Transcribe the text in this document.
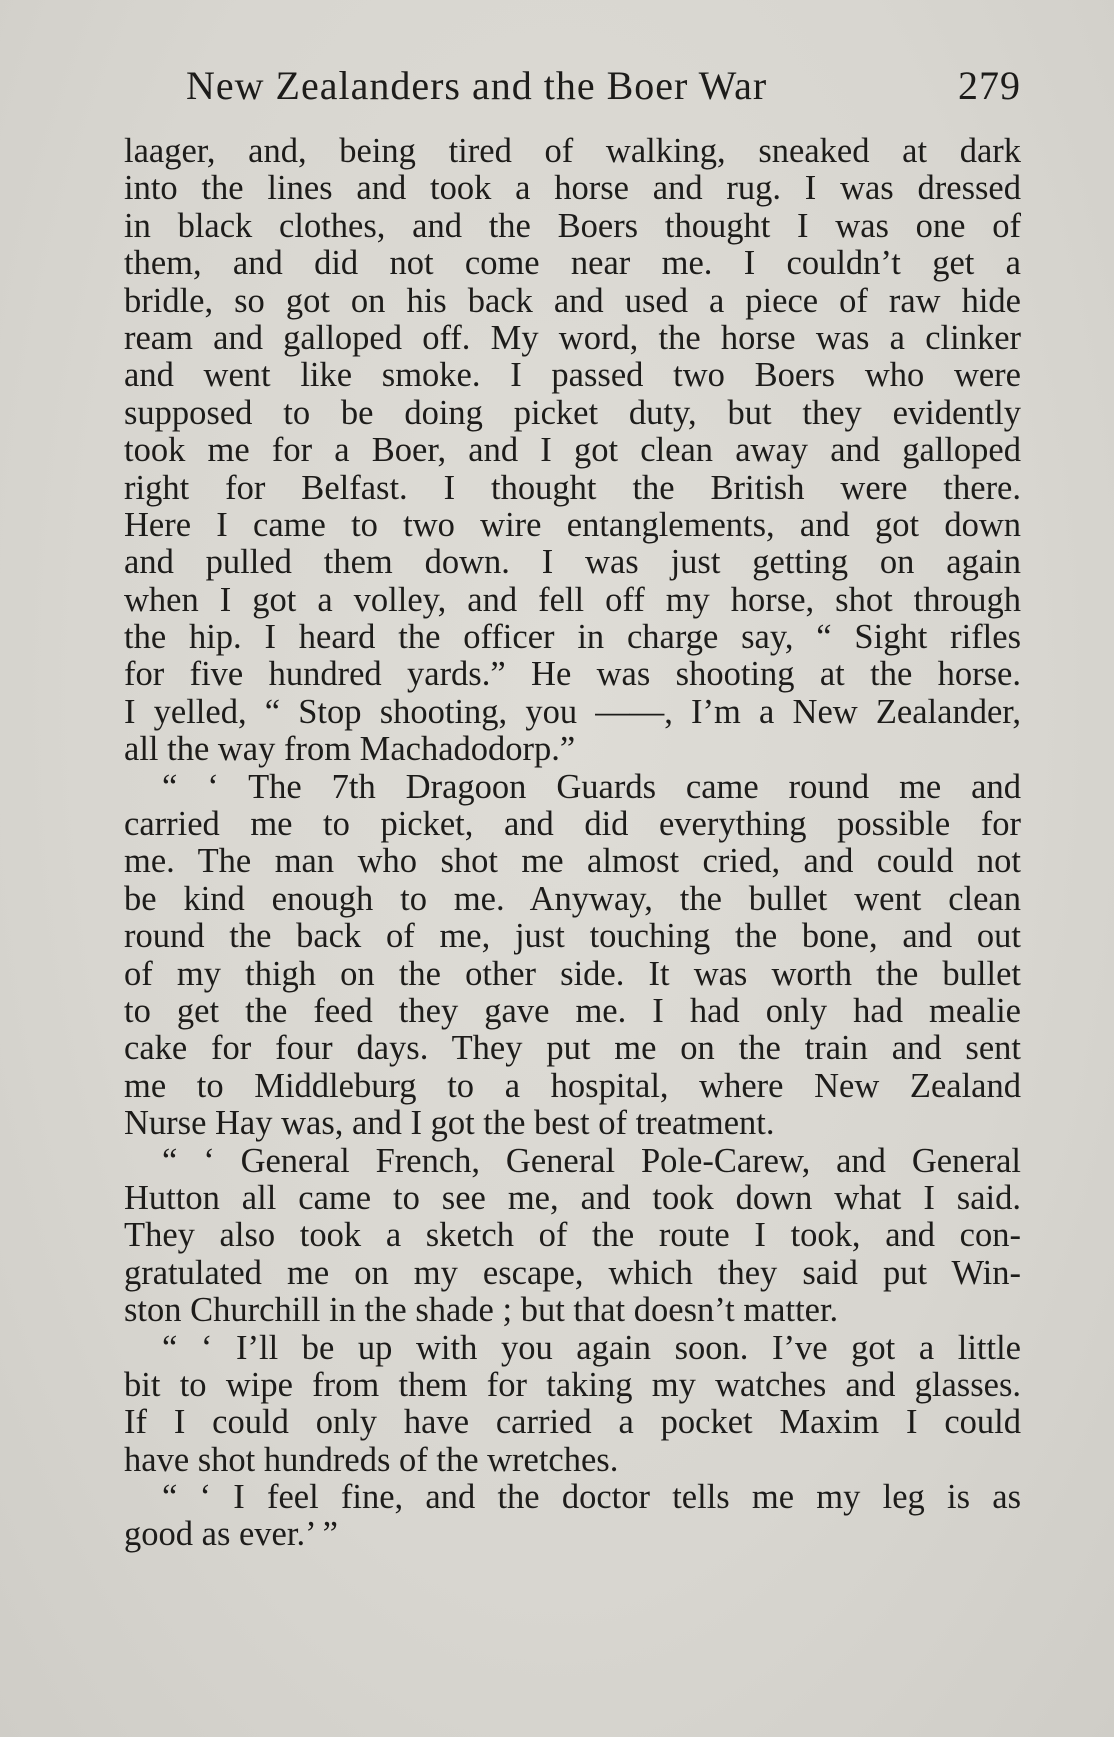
New Zealanders and the Boer War	279
laager, and, being tired of walking, sneaked at dark
into the lines and took a horse and rug. I was dressed
in black clothes, and the Boers thought I was one of
them, and did not come near me. I couldn’t get a
bridle, so got on his back and used a piece of raw hide
ream and galloped off. My word, the horse was a clinker
and went like smoke. I passed two Boers who were
supposed to be doing picket duty, but they evidently
took me for a Boer, and I got clean away and galloped
right for Belfast. I thought the British were there.
Here I came to two wire entanglements, and got down
and pulled them down. I was just getting on again
when I got a volley, and fell off my horse, shot through
the hip. I heard the officer in charge say, “ Sight rifles
for five hundred yards.” He was shooting at the horse.
I yelled, “ Stop shooting, you ——, I’m a New Zealander,
all the way from Machadodorp.”
“ ‘ The 7th Dragoon Guards came round me and
carried me to picket, and did everything possible for
me. The man who shot me almost cried, and could not
be kind enough to me. Anyway, the bullet went clean
round the back of me, just touching the bone, and out
of my thigh on the other side. It was worth the bullet
to get the feed they gave me. I had only had mealie
cake for four days. They put me on the train and sent
me to Middleburg to a hospital, where New Zealand
Nurse Hay was, and I got the best of treatment.
“ ‘ General French, General Pole-Carew, and General
Hutton all came to see me, and took down what I said.
They also took a sketch of the route I took, and con-
gratulated me on my escape, which they said put Win-
ston Churchill in the shade ; but that doesn’t matter.
“ ‘ I’ll be up with you again soon. I’ve got a little
bit to wipe from them for taking my watches and glasses.
If I could only have carried a pocket Maxim I could
have shot hundreds of the wretches.
“ ‘ I feel fine, and the doctor tells me my leg is as
good as ever.’ ”
